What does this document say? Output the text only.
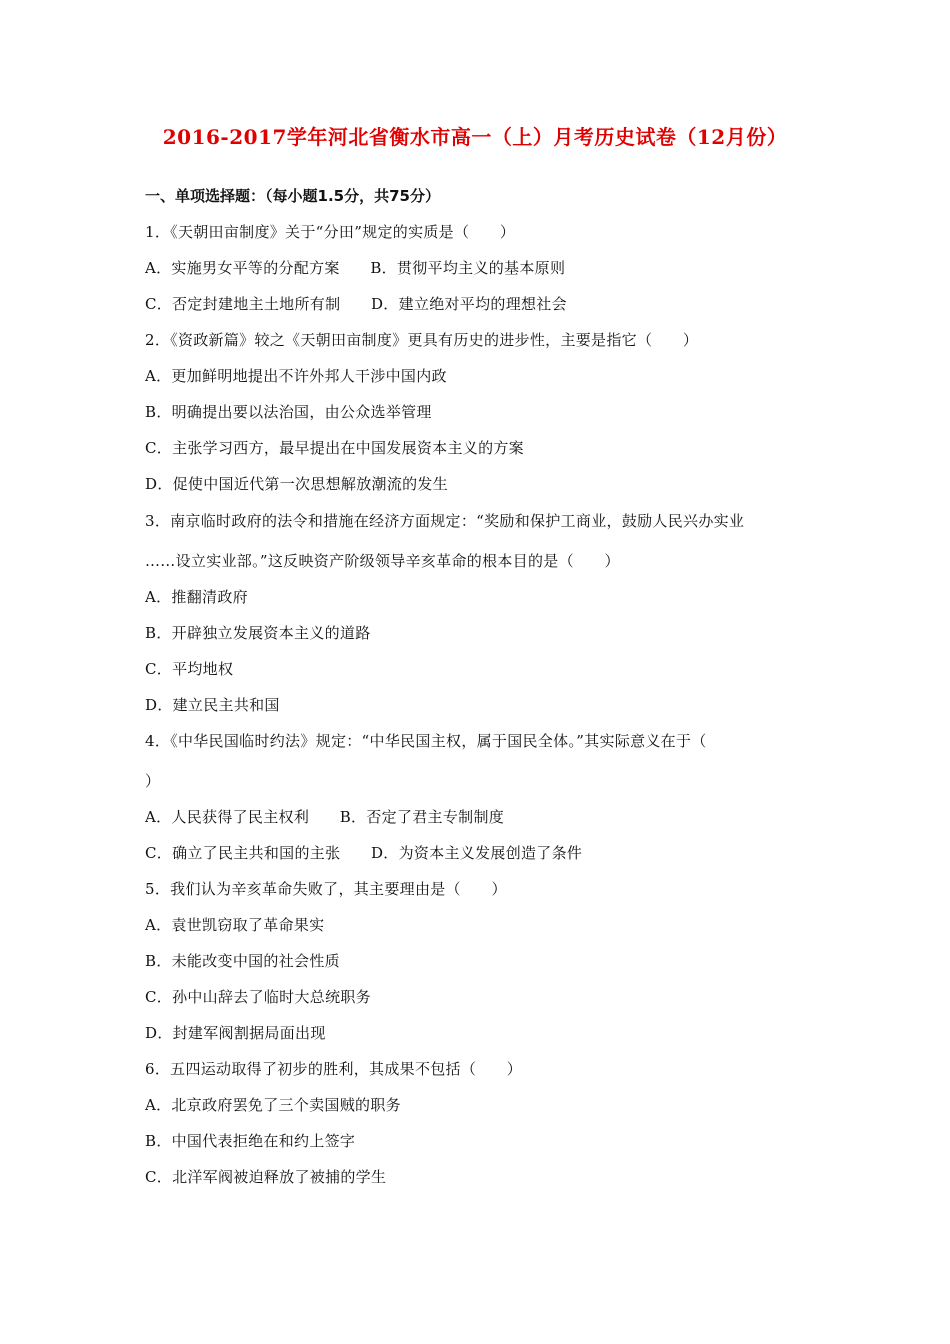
2016-2017学年河北省衡水市高一（上）月考历史试卷（12月份）
一、单项选择题：（每小题1.5分，共75分）
1．《天朝田亩制度》关于“分田”规定的实质是（　　）
A．实施男女平等的分配方案　　B．贯彻平均主义的基本原则
C．否定封建地主土地所有制　　D．建立绝对平均的理想社会
2．《资政新篇》较之《天朝田亩制度》更具有历史的进步性，主要是指它（　　）
A．更加鲜明地提出不许外邦人干涉中国内政
B．明确提出要以法治国，由公众选举管理
C．主张学习西方，最早提出在中国发展资本主义的方案
D．促使中国近代第一次思想解放潮流的发生
3．南京临时政府的法令和措施在经济方面规定：“奖励和保护工商业，鼓励人民兴办实业
……设立实业部。”这反映资产阶级领导辛亥革命的根本目的是（　　）
A．推翻清政府
B．开辟独立发展资本主义的道路
C．平均地权
D．建立民主共和国
4．《中华民国临时约法》规定：“中华民国主权，属于国民全体。”其实际意义在于（
）
A．人民获得了民主权利　　B．否定了君主专制制度
C．确立了民主共和国的主张　　D．为资本主义发展创造了条件
5．我们认为辛亥革命失败了，其主要理由是（　　）
A．袁世凯窃取了革命果实
B．未能改变中国的社会性质
C．孙中山辞去了临时大总统职务
D．封建军阀割据局面出现
6．五四运动取得了初步的胜利，其成果不包括（　　）
A．北京政府罢免了三个卖国贼的职务
B．中国代表拒绝在和约上签字
C．北洋军阀被迫释放了被捕的学生
